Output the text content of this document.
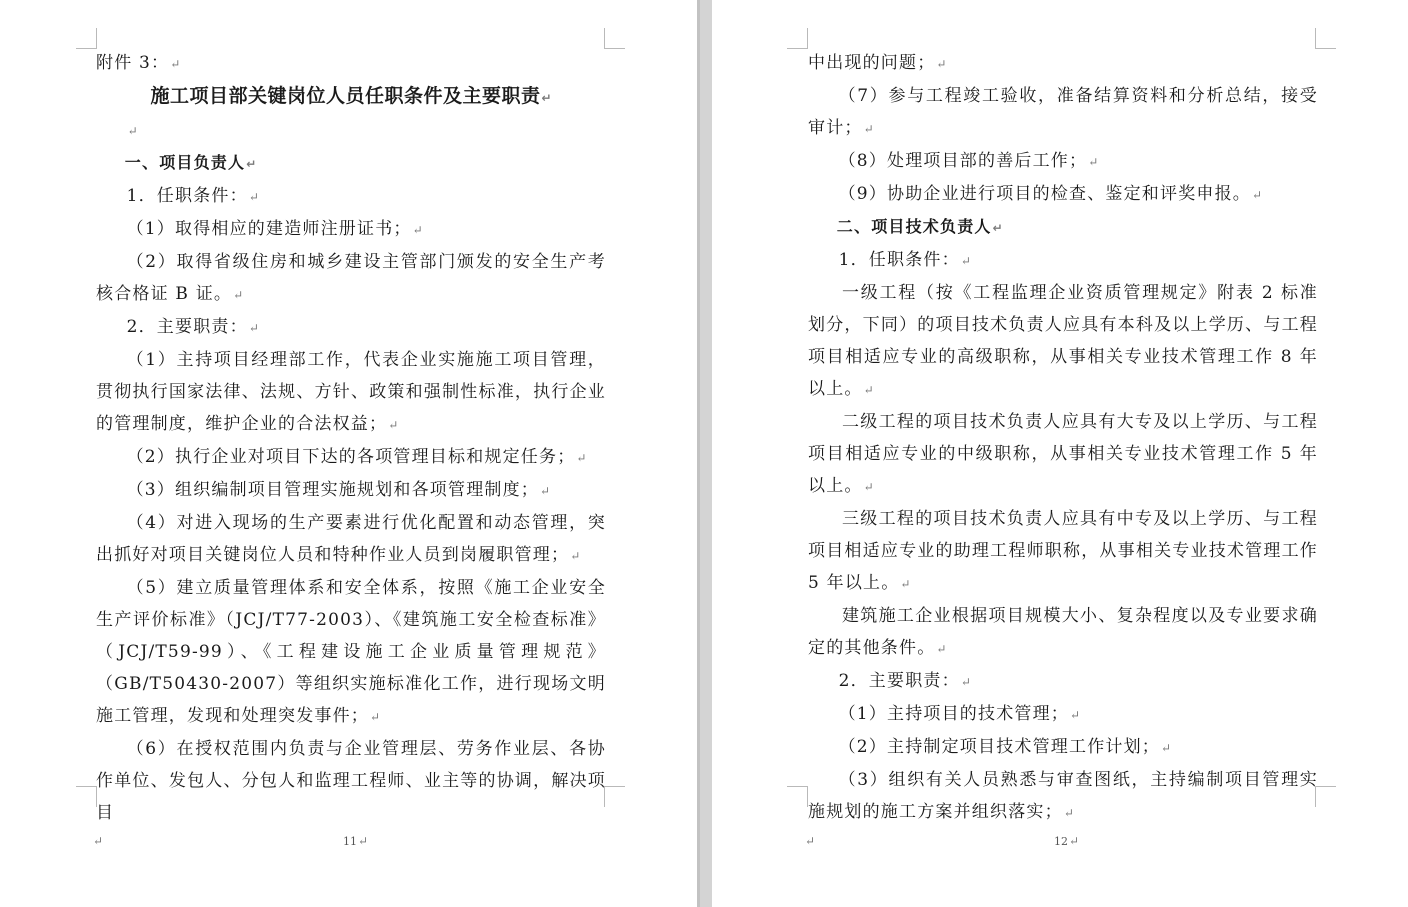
附件 3：↵

施工项目部关键岗位人员任职条件及主要职责↵

↵

一、项目负责人↵

1．任职条件：↵

（1）取得相应的建造师注册证书；↵

（2）取得省级住房和城乡建设主管部门颁发的安全生产考核合格证 B 证。↵

2．主要职责：↵

（1）主持项目经理部工作，代表企业实施施工项目管理，贯彻执行国家法律、法规、方针、政策和强制性标准，执行企业的管理制度，维护企业的合法权益；↵

（2）执行企业对项目下达的各项管理目标和规定任务；↵

（3）组织编制项目管理实施规划和各项管理制度；↵

（4）对进入现场的生产要素进行优化配置和动态管理，突出抓好对项目关键岗位人员和特种作业人员到岗履职管理；↵

（5）建立质量管理体系和安全体系，按照《施工企业安全生产评价标准》（JCJ/T77-2003）、《建筑施工安全检查标准》（JCJ/T59-99）、《工程建设施工企业质量管理规范》（GB/T50430-2007）等组织实施标准化工作，进行现场文明施工管理，发现和处理突发事件；↵

（6）在授权范围内负责与企业管理层、劳务作业层、各协作单位、发包人、分包人和监理工程师、业主等的协调，解决项目

↵	11↵

中出现的问题；↵

（7）参与工程竣工验收，准备结算资料和分析总结，接受审计；↵

（8）处理项目部的善后工作；↵

（9）协助企业进行项目的检查、鉴定和评奖申报。↵

二、项目技术负责人↵

1．任职条件：↵

一级工程（按《工程监理企业资质管理规定》附表 2 标准划分，下同）的项目技术负责人应具有本科及以上学历、与工程项目相适应专业的高级职称，从事相关专业技术管理工作 8 年以上。↵

二级工程的项目技术负责人应具有大专及以上学历、与工程项目相适应专业的中级职称，从事相关专业技术管理工作 5 年以上。↵

三级工程的项目技术负责人应具有中专及以上学历、与工程项目相适应专业的助理工程师职称，从事相关专业技术管理工作 5 年以上。↵

建筑施工企业根据项目规模大小、复杂程度以及专业要求确定的其他条件。↵

2．主要职责：↵

（1）主持项目的技术管理；↵

（2）主持制定项目技术管理工作计划；↵

（3）组织有关人员熟悉与审查图纸，主持编制项目管理实施规划的施工方案并组织落实；↵

↵	12↵
